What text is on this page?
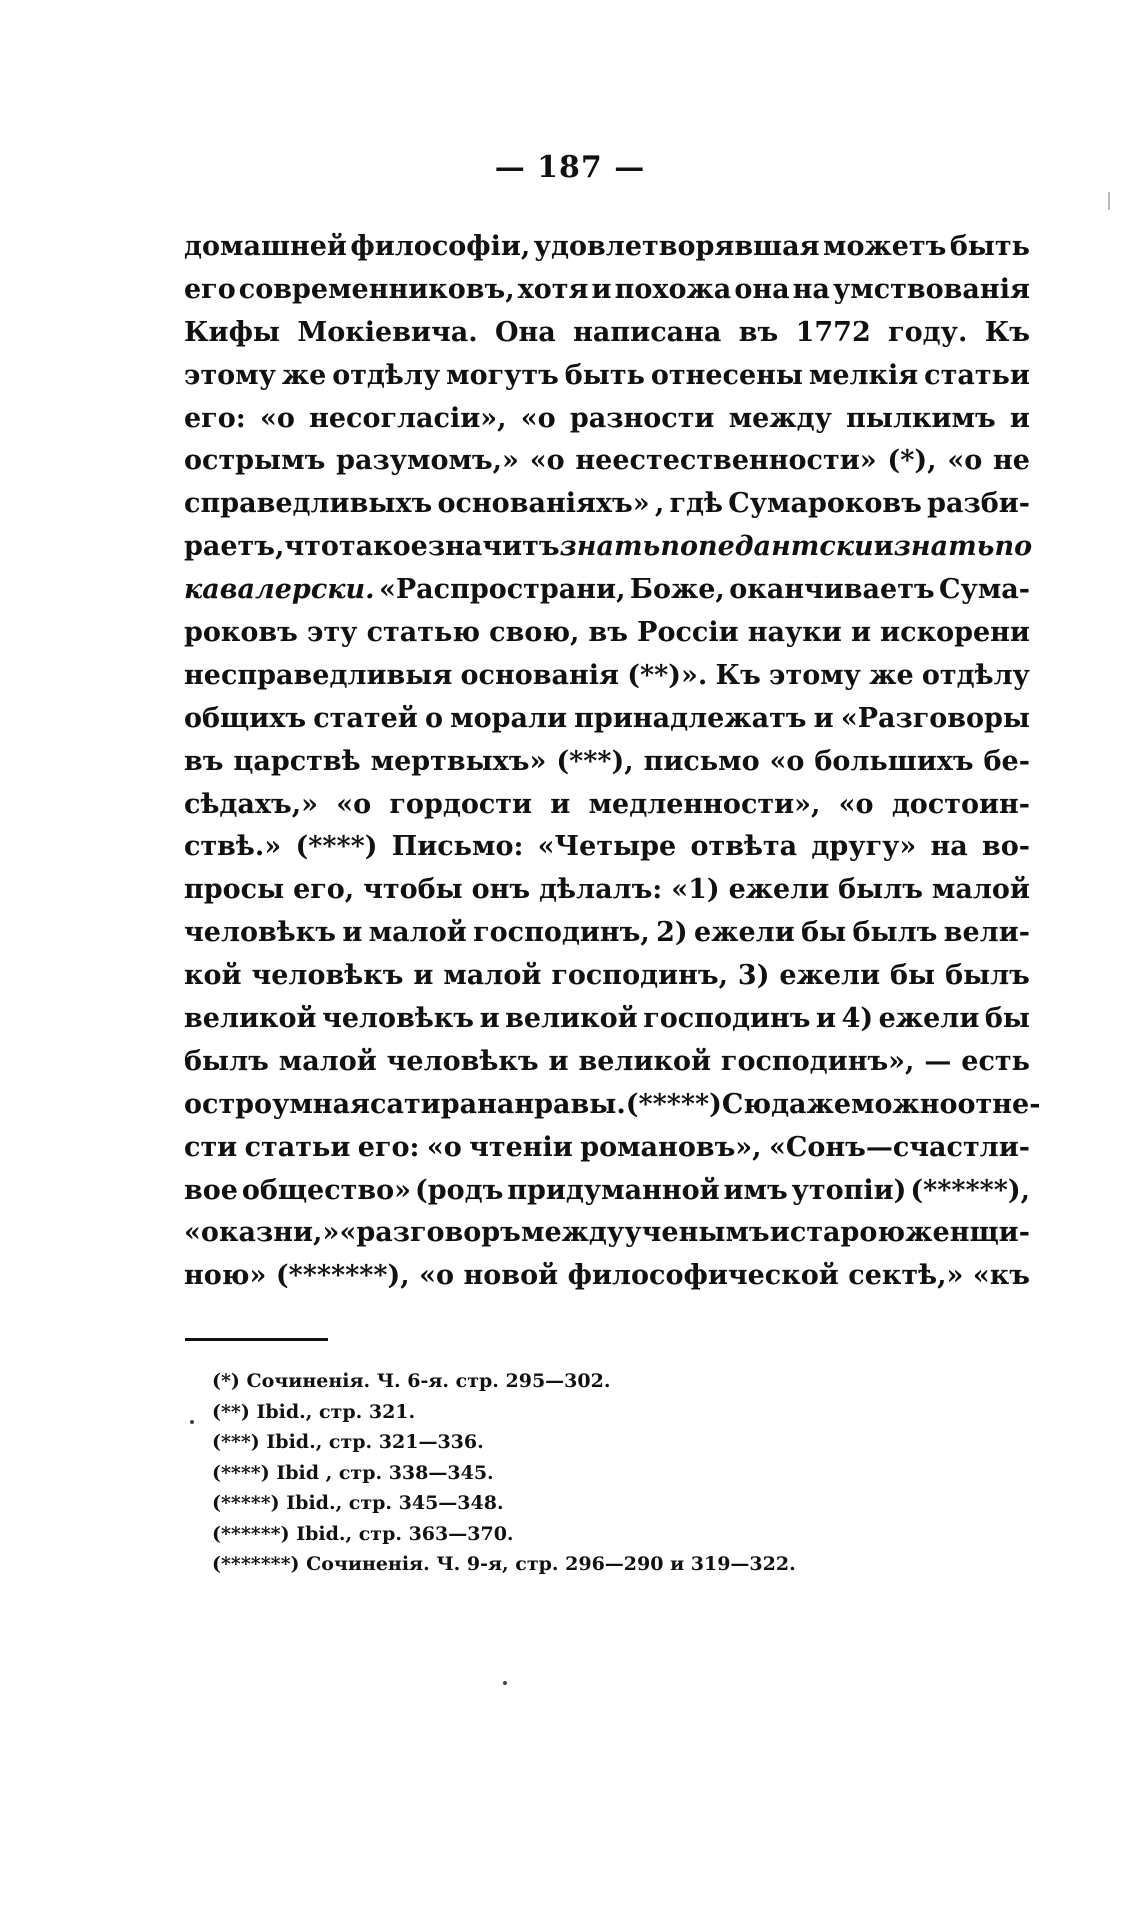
— 187 —
домашней философіи, удовлетворявшая можетъ быть
его современниковъ, хотя и похожа она на умствованія
Кифы Мокіевича. Она написана въ 1772 году. Къ
этому же отдѣлу могутъ быть отнесены мелкія статьи
его: «о несогласіи», «о разности между пылкимъ и
острымъ разумомъ,» «о неестественности» (*), «о не
справедливыхъ основаніяхъ» , гдѣ Сумароковъ разби-
раетъ, что такое значитъ знать по педантски и знать по
кавалерски. «Распространи, Боже, оканчиваетъ Сума-
роковъ эту статью свою, въ Россіи науки и искорени
несправедливыя основанія (**)». Къ этому же отдѣлу
общихъ статей о морали принадлежатъ и «Разговоры
въ царствѣ мертвыхъ» (***), письмо «о большихъ бе-
сѣдахъ,» «о гордости и медленности», «о достоин-
ствѣ.» (****) Письмо: «Четыре отвѣта другу» на во-
просы его, чтобы онъ дѣлалъ: «1) ежели былъ малой
человѣкъ и малой господинъ, 2) ежели бы былъ вели-
кой человѣкъ и малой господинъ, 3) ежели бы былъ
великой человѣкъ и великой господинъ и 4) ежели бы
былъ малой человѣкъ и великой господинъ», — есть
остроумная сатира на нравы. (*****) Сюда же можно отне-
сти статьи его: «о чтеніи романовъ», «Сонъ—счастли-
вое общество» (родъ придуманной имъ утопіи) (******),
«о казни,» «разговоръ между ученымъ и старою женщи-
ною» (*******), «о новой философической сектѣ,» «къ
(*) Сочиненія. Ч. 6-я. стр. 295—302.
(**) Ibid., стр. 321.
(***) Ibid., стр. 321—336.
(****) Ibid , стр. 338—345.
(*****) Ibid., стр. 345—348.
(******) Ibid., стр. 363—370.
(*******) Сочиненія. Ч. 9-я, стр. 296—290 и 319—322.
